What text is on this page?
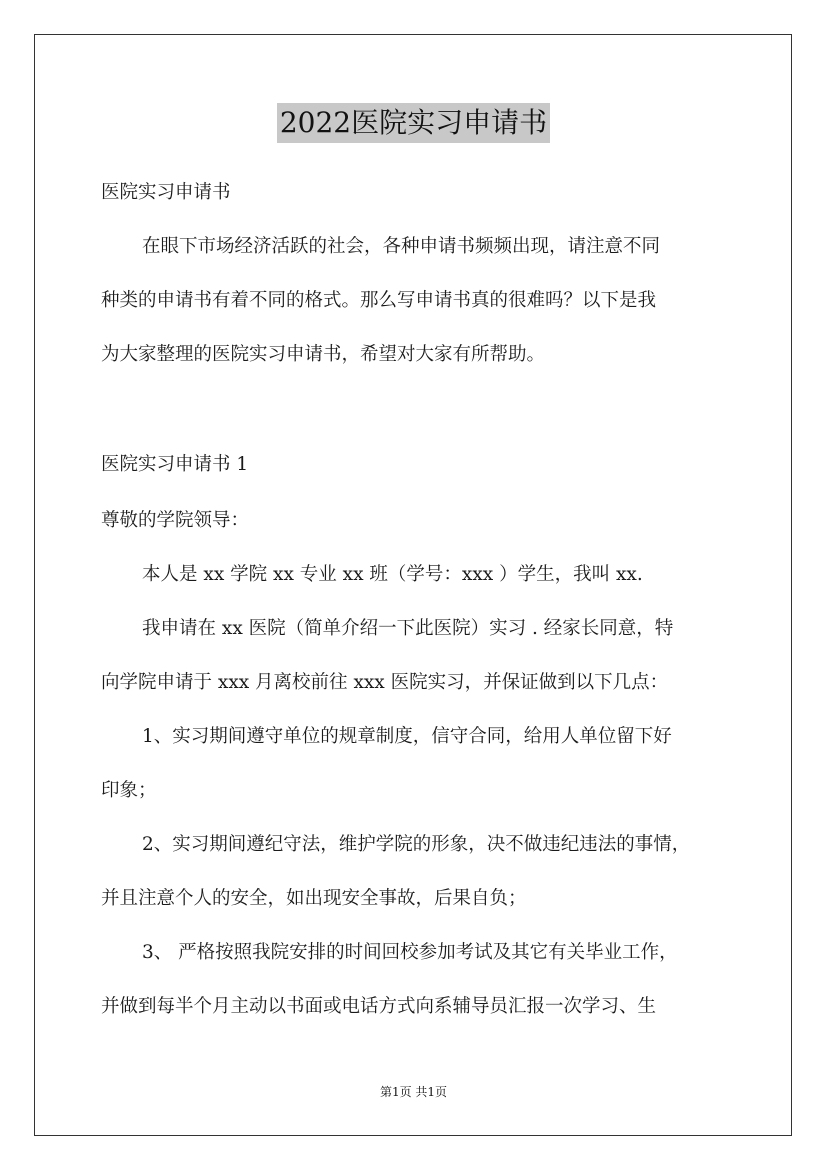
2022医院实习申请书
医院实习申请书
在眼下市场经济活跃的社会，各种申请书频频出现，请注意不同
种类的申请书有着不同的格式。那么写申请书真的很难吗？以下是我
为大家整理的医院实习申请书，希望对大家有所帮助。
医院实习申请书 1
尊敬的学院领导：
本人是 xx 学院 xx 专业 xx 班（学号：xxx ）学生，我叫 xx.
我申请在 xx 医院（简单介绍一下此医院）实习 . 经家长同意，特
向学院申请于 xxx 月离校前往 xxx 医院实习，并保证做到以下几点：
1、实习期间遵守单位的规章制度，信守合同，给用人单位留下好
印象；
2、实习期间遵纪守法，维护学院的形象，决不做违纪违法的事情，
并且注意个人的安全，如出现安全事故，后果自负；
3、 严格按照我院安排的时间回校参加考试及其它有关毕业工作，
并做到每半个月主动以书面或电话方式向系辅导员汇报一次学习、生
第1页 共1页
